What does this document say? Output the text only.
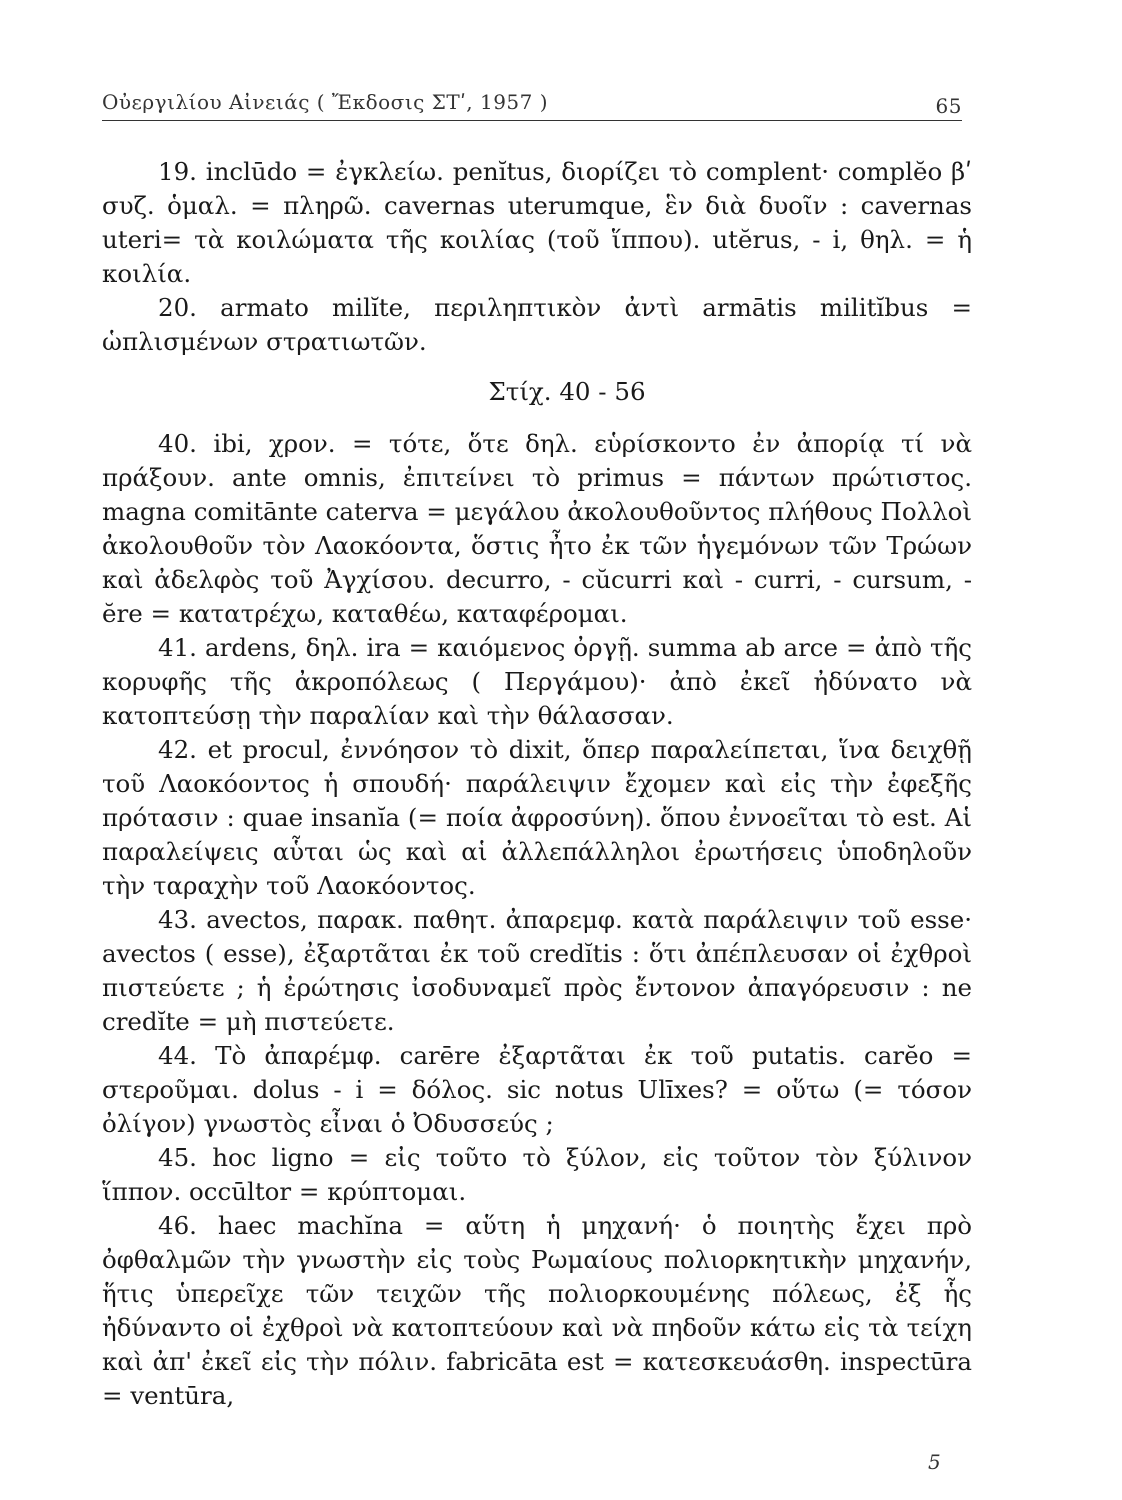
Οὐεργιλίου Αἰνειάς ( Ἔκδοσις ΣΤʹ, 1957 )	65

19. inclūdo = ἐγκλείω. penĭtus, διορίζει τὸ complent· complĕo βʹ συζ. ὁμαλ. = πληρῶ. cavernas uterumque, ἓν διὰ δυοῖν : cavernas uteri= τὰ κοιλώματα τῆς κοιλίας (τοῦ ἵππου). utĕrus, - i, θηλ. = ἡ κοιλία.

20. armato milĭte, περιληπτικὸν ἀντὶ armātis militĭbus = ὡπλισμένων στρατιωτῶν.

Στίχ. 40 - 56

40. ibi, χρον. = τότε, ὅτε δηλ. εὑρίσκοντο ἐν ἀπορίᾳ τί νὰ πράξουν. ante omnis, ἐπιτείνει τὸ primus = πάντων πρώτιστος. magna comitānte caterva = μεγάλου ἀκολουθοῦντος πλήθους Πολλοὶ ἀκολουθοῦν τὸν Λαοκόοντα, ὅστις ἦτο ἐκ τῶν ἡγεμόνων τῶν Τρώων καὶ ἀδελφὸς τοῦ Ἀγχίσου. decurro, - cŭcurri καὶ - curri, - cursum, - ĕre = κατατρέχω, καταθέω, καταφέρομαι.

41. ardens, δηλ. ira = καιόμενος ὀργῇ. summa ab arce = ἀπὸ τῆς κορυφῆς τῆς ἀκροπόλεως ( Περγάμου)· ἀπὸ ἐκεῖ ἠδύνατο νὰ κατοπτεύσῃ τὴν παραλίαν καὶ τὴν θάλασσαν.

42. et procul, ἐννόησον τὸ dixit, ὅπερ παραλείπεται, ἵνα δειχθῇ τοῦ Λαοκόοντος ἡ σπουδή· παράλειψιν ἔχομεν καὶ εἰς τὴν ἐφεξῆς πρότασιν : quae insanĭa (= ποία ἀφροσύνη). ὅπου ἐννοεῖται τὸ est. Αἱ παραλείψεις αὗται ὡς καὶ αἱ ἀλλεπάλληλοι ἐρωτήσεις ὑποδηλοῦν τὴν ταραχὴν τοῦ Λαοκόοντος.

43. avectos, παρακ. παθητ. ἀπαρεμφ. κατὰ παράλειψιν τοῦ esse· avectos ( esse), ἐξαρτᾶται ἐκ τοῦ credĭtis : ὅτι ἀπέπλευσαν οἱ ἐχθροὶ πιστεύετε ; ἡ ἐρώτησις ἰσοδυναμεῖ πρὸς ἔντονον ἀπαγόρευσιν : ne credĭte = μὴ πιστεύετε.

44. Τὸ ἀπαρέμφ. carēre ἐξαρτᾶται ἐκ τοῦ putatis. carĕo = στεροῦμαι. dolus - i = δόλος. sic notus Ulīxes? = οὕτω (= τόσον ὀλίγον) γνωστὸς εἶναι ὁ Ὀδυσσεύς ;

45. hoc ligno = εἰς τοῦτο τὸ ξύλον, εἰς τοῦτον τὸν ξύλινον ἵππον. occūltor = κρύπτομαι.

46. haec machĭna = αὕτη ἡ μηχανή· ὁ ποιητὴς ἔχει πρὸ ὀφθαλμῶν τὴν γνωστὴν εἰς τοὺς Ρωμαίους πολιορκητικὴν μηχανήν, ἥτις ὑπερεῖχε τῶν τειχῶν τῆς πολιορκουμένης πόλεως, ἐξ ἧς ἠδύναντο οἱ ἐχθροὶ νὰ κατοπτεύουν καὶ νὰ πηδοῦν κάτω εἰς τὰ τείχη καὶ ἀπ' ἐκεῖ εἰς τὴν πόλιν. fabricāta est = κατεσκευάσθη. inspectūra = ventūra,

5
